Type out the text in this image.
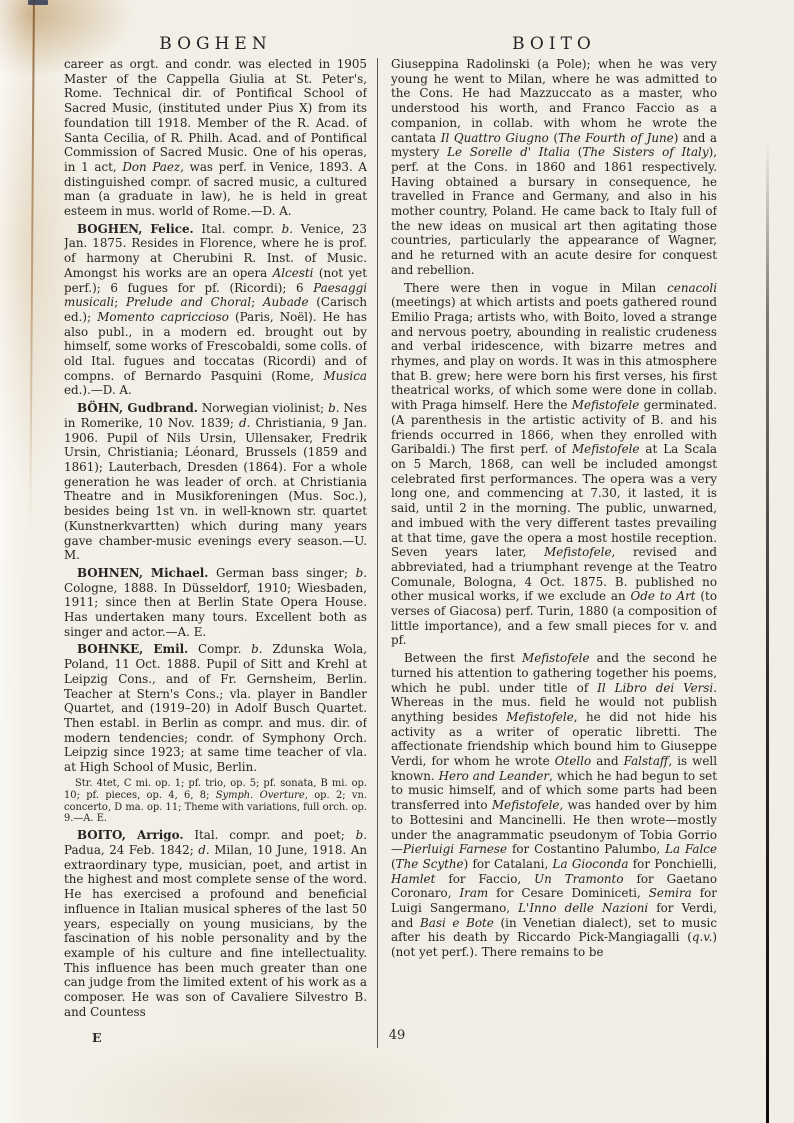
BOGHEN	BOITO

career as orgt. and condr. was elected in 1905 Master of the Cappella Giulia at St. Peter's, Rome. Technical dir. of Pontifical School of Sacred Music, (instituted under Pius X) from its foundation till 1918. Member of the R. Acad. of Santa Cecilia, of R. Philh. Acad. and of Pontifical Commission of Sacred Music. One of his operas, in 1 act, Don Paez, was perf. in Venice, 1893. A distinguished compr. of sacred music, a cultured man (a graduate in law), he is held in great esteem in mus. world of Rome.—D. A.

BOGHEN, Felice. Ital. compr. b. Venice, 23 Jan. 1875. Resides in Florence, where he is prof. of harmony at Cherubini R. Inst. of Music. Amongst his works are an opera Alcesti (not yet perf.); 6 fugues for pf. (Ricordi); 6 Paesaggi musicali; Prelude and Choral; Aubade (Carisch ed.); Momento capriccioso (Paris, Noël). He has also publ., in a modern ed. brought out by himself, some works of Frescobaldi, some colls. of old Ital. fugues and toccatas (Ricordi) and of compns. of Bernardo Pasquini (Rome, Musica ed.).—D. A.

BÖHN, Gudbrand. Norwegian violinist; b. Nes in Romerike, 10 Nov. 1839; d. Christiania, 9 Jan. 1906. Pupil of Nils Ursin, Ullensaker, Fredrik Ursin, Christiania; Léonard, Brussels (1859 and 1861); Lauterbach, Dresden (1864). For a whole generation he was leader of orch. at Christiania Theatre and in Musikforeningen (Mus. Soc.), besides being 1st vn. in well-known str. quartet (Kunstnerkvartten) which during many years gave chamber-music evenings every season.—U. M.

BOHNEN, Michael. German bass singer; b. Cologne, 1888. In Düsseldorf, 1910; Wiesbaden, 1911; since then at Berlin State Opera House. Has undertaken many tours. Excellent both as singer and actor.—A. E.

BOHNKE, Emil. Compr. b. Zdunska Wola, Poland, 11 Oct. 1888. Pupil of Sitt and Krehl at Leipzig Cons., and of Fr. Gernsheim, Berlin. Teacher at Stern's Cons.; vla. player in Bandler Quartet, and (1919–20) in Adolf Busch Quartet. Then establ. in Berlin as compr. and mus. dir. of modern tendencies; condr. of Symphony Orch. Leipzig since 1923; at same time teacher of vla. at High School of Music, Berlin.

Str. 4tet, C mi. op. 1; pf. trio, op. 5; pf. sonata, B mi. op. 10; pf. pieces, op. 4, 6, 8; Symph. Overture, op. 2; vn. concerto, D ma. op. 11; Theme with variations, full orch. op. 9.—A. E.

BOITO, Arrigo. Ital. compr. and poet; b. Padua, 24 Feb. 1842; d. Milan, 10 June, 1918. An extraordinary type, musician, poet, and artist in the highest and most complete sense of the word. He has exercised a profound and beneficial influence in Italian musical spheres of the last 50 years, especially on young musicians, by the fascination of his noble personality and by the example of his culture and fine intellectuality. This influence has been much greater than one can judge from the limited extent of his work as a composer. He was son of Cavaliere Silvestro B. and Countess

Giuseppina Radolinski (a Pole); when he was very young he went to Milan, where he was admitted to the Cons. He had Mazzuccato as a master, who understood his worth, and Franco Faccio as a companion, in collab. with whom he wrote the cantata Il Quattro Giugno (The Fourth of June) and a mystery Le Sorelle d' Italia (The Sisters of Italy), perf. at the Cons. in 1860 and 1861 respectively. Having obtained a bursary in consequence, he travelled in France and Germany, and also in his mother country, Poland. He came back to Italy full of the new ideas on musical art then agitating those countries, particularly the appearance of Wagner, and he returned with an acute desire for conquest and rebellion.

There were then in vogue in Milan cenacoli (meetings) at which artists and poets gathered round Emilio Praga; artists who, with Boito, loved a strange and nervous poetry, abounding in realistic crudeness and verbal iridescence, with bizarre metres and rhymes, and play on words. It was in this atmosphere that B. grew; here were born his first verses, his first theatrical works, of which some were done in collab. with Praga himself. Here the Mefistofele germinated. (A parenthesis in the artistic activity of B. and his friends occurred in 1866, when they enrolled with Garibaldi.) The first perf. of Mefistofele at La Scala on 5 March, 1868, can well be included amongst celebrated first performances. The opera was a very long one, and commencing at 7.30, it lasted, it is said, until 2 in the morning. The public, unwarned, and imbued with the very different tastes prevailing at that time, gave the opera a most hostile reception. Seven years later, Mefistofele, revised and abbreviated, had a triumphant revenge at the Teatro Comunale, Bologna, 4 Oct. 1875. B. published no other musical works, if we exclude an Ode to Art (to verses of Giacosa) perf. Turin, 1880 (a composition of little importance), and a few small pieces for v. and pf.

Between the first Mefistofele and the second he turned his attention to gathering together his poems, which he publ. under title of Il Libro dei Versi. Whereas in the mus. field he would not publish anything besides Mefistofele, he did not hide his activity as a writer of operatic libretti. The affectionate friendship which bound him to Giuseppe Verdi, for whom he wrote Otello and Falstaff, is well known. Hero and Leander, which he had begun to set to music himself, and of which some parts had been transferred into Mefistofele, was handed over by him to Bottesini and Mancinelli. He then wrote—mostly under the anagrammatic pseudonym of Tobia Gorrio—Pierluigi Farnese for Costantino Palumbo, La Falce (The Scythe) for Catalani, La Gioconda for Ponchielli, Hamlet for Faccio, Un Tramonto for Gaetano Coronaro, Iram for Cesare Dominiceti, Semira for Luigi Sangermano, L'Inno delle Nazioni for Verdi, and Basi e Bote (in Venetian dialect), set to music after his death by Riccardo Pick-Mangiagalli (q.v.) (not yet perf.). There remains to be

E	49
